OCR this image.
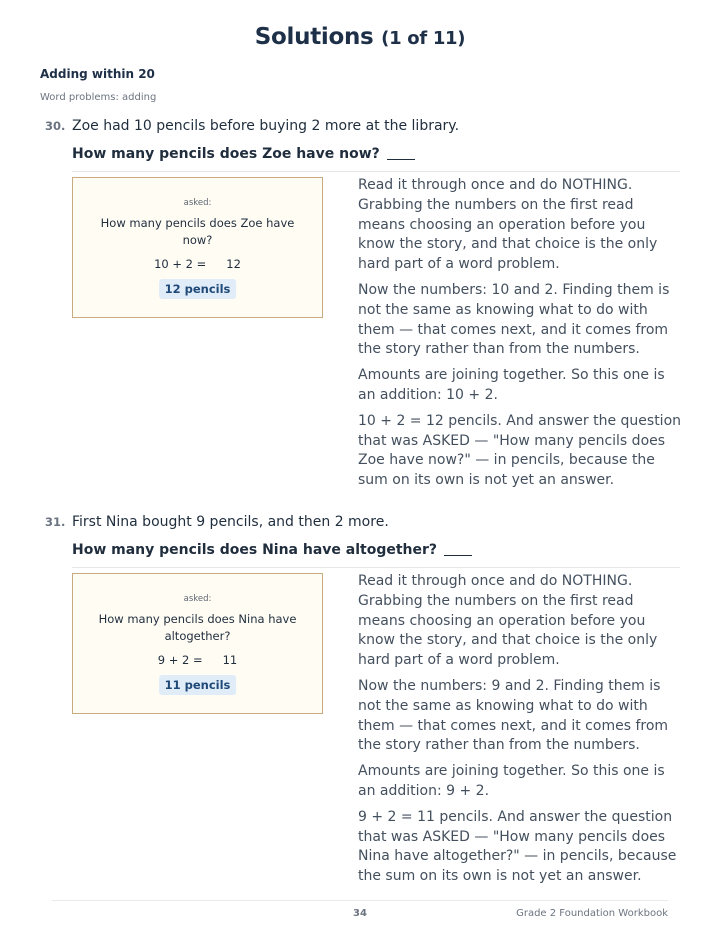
Solutions (1 of 11)
Adding within 20
Word problems: adding
30. Zoe had 10 pencils before buying 2 more at the library.
How many pencils does Zoe have now?
asked:
How many pencils does Zoe have now?
10 + 2 = 12
12 pencils

Read it through once and do NOTHING. Grabbing the numbers on the first read means choosing an operation before you know the story, and that choice is the only hard part of a word problem.

Now the numbers: 10 and 2. Finding them is not the same as knowing what to do with them — that comes next, and it comes from the story rather than from the numbers.

Amounts are joining together. So this one is an addition: 10 + 2.

10 + 2 = 12 pencils. And answer the question that was ASKED — "How many pencils does Zoe have now?" — in pencils, because the sum on its own is not yet an answer.

31. First Nina bought 9 pencils, and then 2 more.
How many pencils does Nina have altogether?
asked:
How many pencils does Nina have altogether?
9 + 2 = 11
11 pencils

Read it through once and do NOTHING. Grabbing the numbers on the first read means choosing an operation before you know the story, and that choice is the only hard part of a word problem.

Now the numbers: 9 and 2. Finding them is not the same as knowing what to do with them — that comes next, and it comes from the story rather than from the numbers.

Amounts are joining together. So this one is an addition: 9 + 2.

9 + 2 = 11 pencils. And answer the question that was ASKED — "How many pencils does Nina have altogether?" — in pencils, because the sum on its own is not yet an answer.

34	Grade 2 Foundation Workbook
